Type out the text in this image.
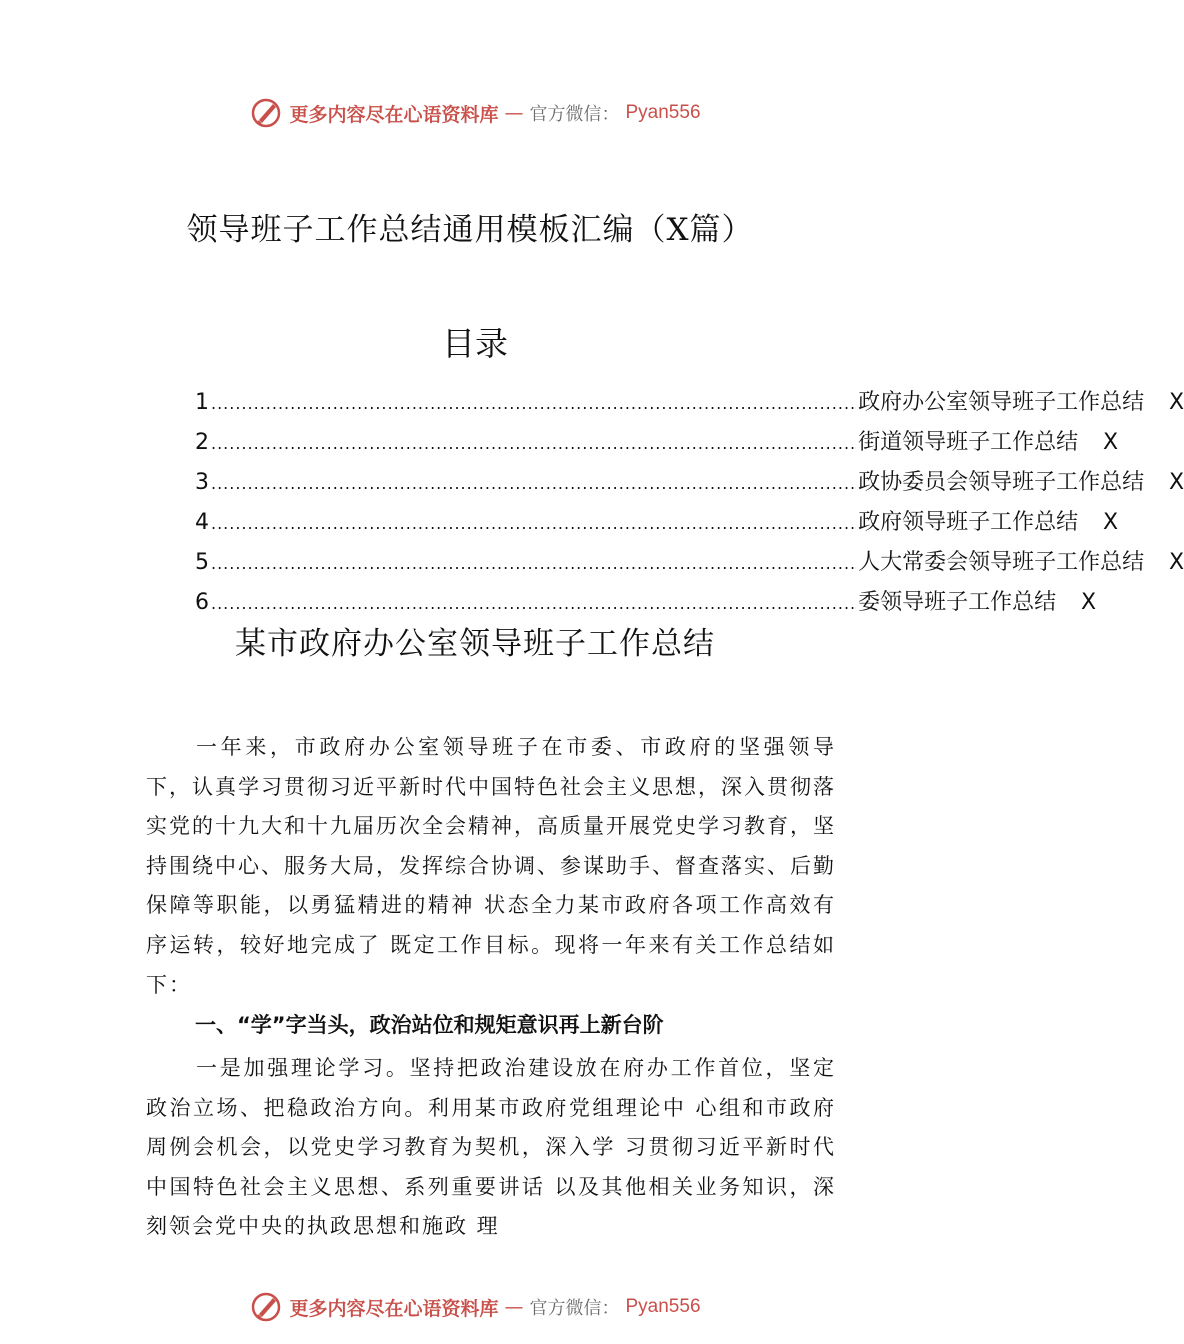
更多内容尽在心语资料库 — 官方微信： Pyan556
领导班子工作总结通用模板汇编（X篇）
目录
1 .......................................................................................................... 政府办公室领导班子工作总结	X
2 .......................................................................................................... 街道领导班子工作总结	X
3 .......................................................................................................... 政协委员会领导班子工作总结	X
4 .......................................................................................................... 政府领导班子工作总结	X
5 .......................................................................................................... 人大常委会领导班子工作总结	X
6 .......................................................................................................... 委领导班子工作总结	X
某市政府办公室领导班子工作总结

一年来，市政府办公室领导班子在市委、市政府的坚强领导下，认真学习贯彻习近平新时代中国特色社会主义思想，深入贯彻落实党的十九大和十九届历次全会精神，高质量开展党史学习教育，坚持围绕中心、服务大局，发挥综合协调、参谋助手、督查落实、后勤保障等职能，以勇猛精进的精神 状态全力某市政府各项工作高效有序运转，较好地完成了 既定工作目标。现将一年来有关工作总结如下：

一、“学”字当头，政治站位和规矩意识再上新台阶

一是加强理论学习。坚持把政治建设放在府办工作首位，坚定政治立场、把稳政治方向。利用某市政府党组理论中 心组和市政府周例会机会，以党史学习教育为契机，深入学 习贯彻习近平新时代中国特色社会主义思想、系列重要讲话 以及其他相关业务知识，深刻领会党中央的执政思想和施政 理

更多内容尽在心语资料库 — 官方微信： Pyan556
